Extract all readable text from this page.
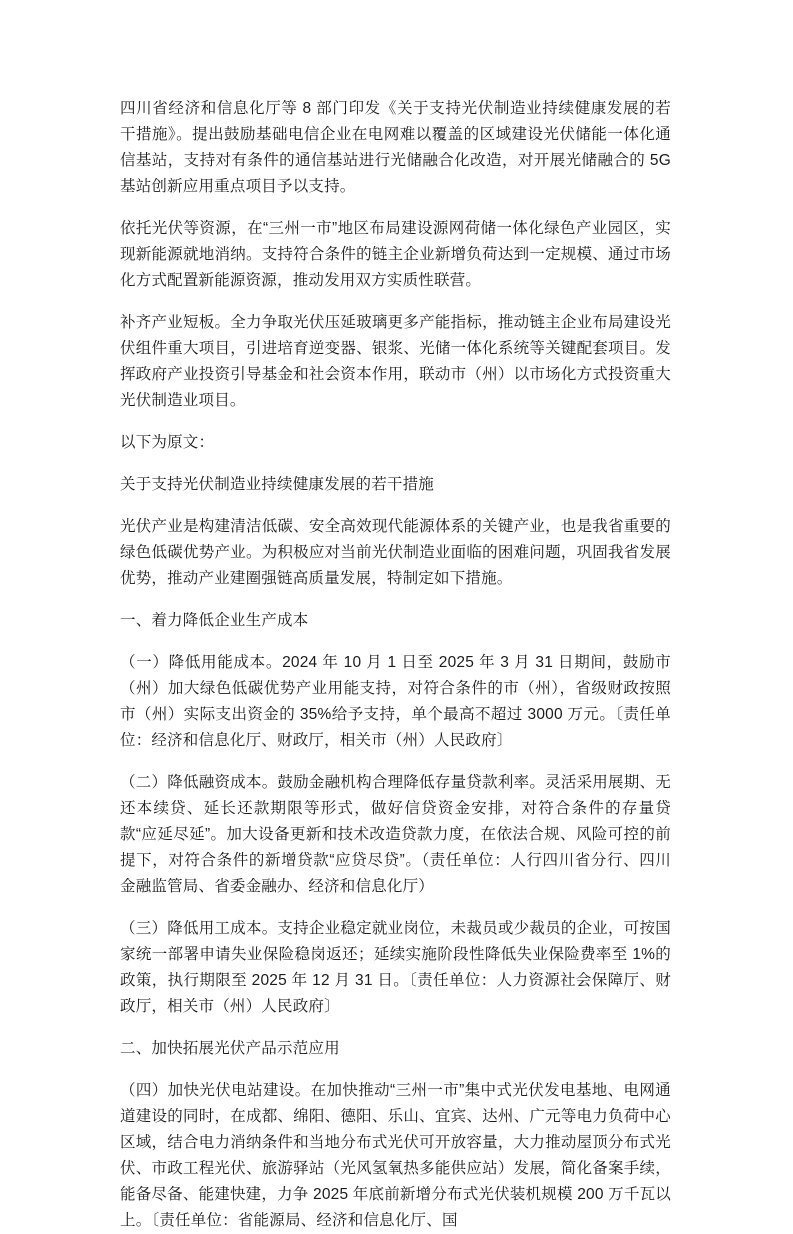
四川省经济和信息化厅等 8 部门印发《关于支持光伏制造业持续健康发展的若干措施》。提出鼓励基础电信企业在电网难以覆盖的区域建设光伏储能一体化通信基站，支持对有条件的通信基站进行光储融合化改造，对开展光储融合的 5G 基站创新应用重点项目予以支持。

依托光伏等资源，在“三州一市”地区布局建设源网荷储一体化绿色产业园区，实现新能源就地消纳。支持符合条件的链主企业新增负荷达到一定规模、通过市场化方式配置新能源资源，推动发用双方实质性联营。

补齐产业短板。全力争取光伏压延玻璃更多产能指标，推动链主企业布局建设光伏组件重大项目，引进培育逆变器、银浆、光储一体化系统等关键配套项目。发挥政府产业投资引导基金和社会资本作用，联动市（州）以市场化方式投资重大光伏制造业项目。

以下为原文：

关于支持光伏制造业持续健康发展的若干措施

光伏产业是构建清洁低碳、安全高效现代能源体系的关键产业，也是我省重要的绿色低碳优势产业。为积极应对当前光伏制造业面临的困难问题，巩固我省发展优势，推动产业建圈强链高质量发展，特制定如下措施。

一、着力降低企业生产成本

（一）降低用能成本。2024 年 10 月 1 日至 2025 年 3 月 31 日期间，鼓励市（州）加大绿色低碳优势产业用能支持，对符合条件的市（州），省级财政按照市（州）实际支出资金的 35%给予支持，单个最高不超过 3000 万元。〔责任单位：经济和信息化厅、财政厅，相关市（州）人民政府〕

（二）降低融资成本。鼓励金融机构合理降低存量贷款利率。灵活采用展期、无还本续贷、延长还款期限等形式，做好信贷资金安排，对符合条件的存量贷款“应延尽延”。加大设备更新和技术改造贷款力度，在依法合规、风险可控的前提下，对符合条件的新增贷款“应贷尽贷”。（责任单位：人行四川省分行、四川金融监管局、省委金融办、经济和信息化厅）

（三）降低用工成本。支持企业稳定就业岗位，未裁员或少裁员的企业，可按国家统一部署申请失业保险稳岗返还；延续实施阶段性降低失业保险费率至 1%的政策，执行期限至 2025 年 12 月 31 日。〔责任单位：人力资源社会保障厅、财政厅，相关市（州）人民政府〕

二、加快拓展光伏产品示范应用

（四）加快光伏电站建设。在加快推动“三州一市”集中式光伏发电基地、电网通道建设的同时，在成都、绵阳、德阳、乐山、宜宾、达州、广元等电力负荷中心区域，结合电力消纳条件和当地分布式光伏可开放容量，大力推动屋顶分布式光伏、市政工程光伏、旅游驿站（光风氢氧热多能供应站）发展，简化备案手续，能备尽备、能建快建，力争 2025 年底前新增分布式光伏装机规模 200 万千瓦以上。〔责任单位：省能源局、经济和信息化厅、国
